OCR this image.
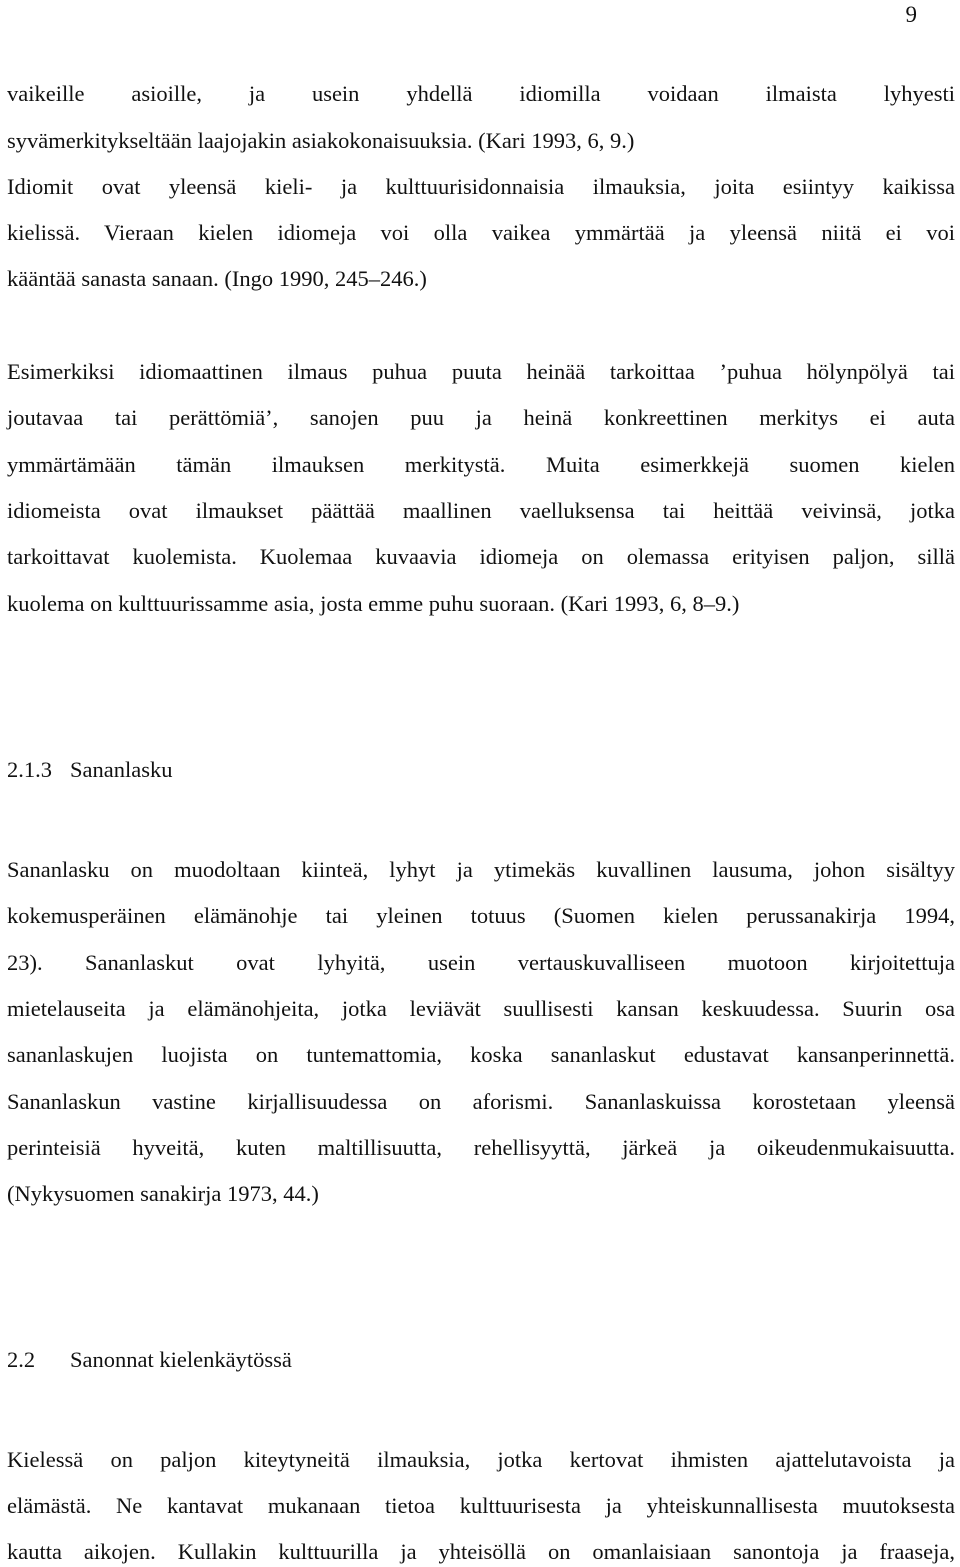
9
vaikeille asioille, ja usein yhdellä idiomilla voidaan ilmaista lyhyesti
syvämerkitykseltään laajojakin asiakokonaisuuksia. (Kari 1993, 6, 9.)
Idiomit ovat yleensä kieli- ja kulttuurisidonnaisia ilmauksia, joita esiintyy kaikissa
kielissä. Vieraan kielen idiomeja voi olla vaikea ymmärtää ja yleensä niitä ei voi
kääntää sanasta sanaan. (Ingo 1990, 245–246.)
Esimerkiksi idiomaattinen ilmaus puhua puuta heinää tarkoittaa ’puhua hölynpölyä tai
joutavaa tai perättömiä’, sanojen puu ja heinä konkreettinen merkitys ei auta
ymmärtämään tämän ilmauksen merkitystä. Muita esimerkkejä suomen kielen
idiomeista ovat ilmaukset päättää maallinen vaelluksensa tai heittää veivinsä, jotka
tarkoittavat kuolemista. Kuolemaa kuvaavia idiomeja on olemassa erityisen paljon, sillä
kuolema on kulttuurissamme asia, josta emme puhu suoraan. (Kari 1993, 6, 8–9.)
2.1.3 Sananlasku
Sananlasku on muodoltaan kiinteä, lyhyt ja ytimekäs kuvallinen lausuma, johon sisältyy
kokemusperäinen elämänohje tai yleinen totuus (Suomen kielen perussanakirja 1994,
23). Sananlaskut ovat lyhyitä, usein vertauskuvalliseen muotoon kirjoitettuja
mietelauseita ja elämänohjeita, jotka leviävät suullisesti kansan keskuudessa. Suurin osa
sananlaskujen luojista on tuntemattomia, koska sananlaskut edustavat kansanperinnettä.
Sananlaskun vastine kirjallisuudessa on aforismi. Sananlaskuissa korostetaan yleensä
perinteisiä hyveitä, kuten maltillisuutta, rehellisyyttä, järkeä ja oikeudenmukaisuutta.
(Nykysuomen sanakirja 1973, 44.)
2.2 Sanonnat kielenkäytössä
Kielessä on paljon kiteytyneitä ilmauksia, jotka kertovat ihmisten ajattelutavoista ja
elämästä. Ne kantavat mukanaan tietoa kulttuurisesta ja yhteiskunnallisesta muutoksesta
kautta aikojen. Kullakin kulttuurilla ja yhteisöllä on omanlaisiaan sanontoja ja fraaseja,
